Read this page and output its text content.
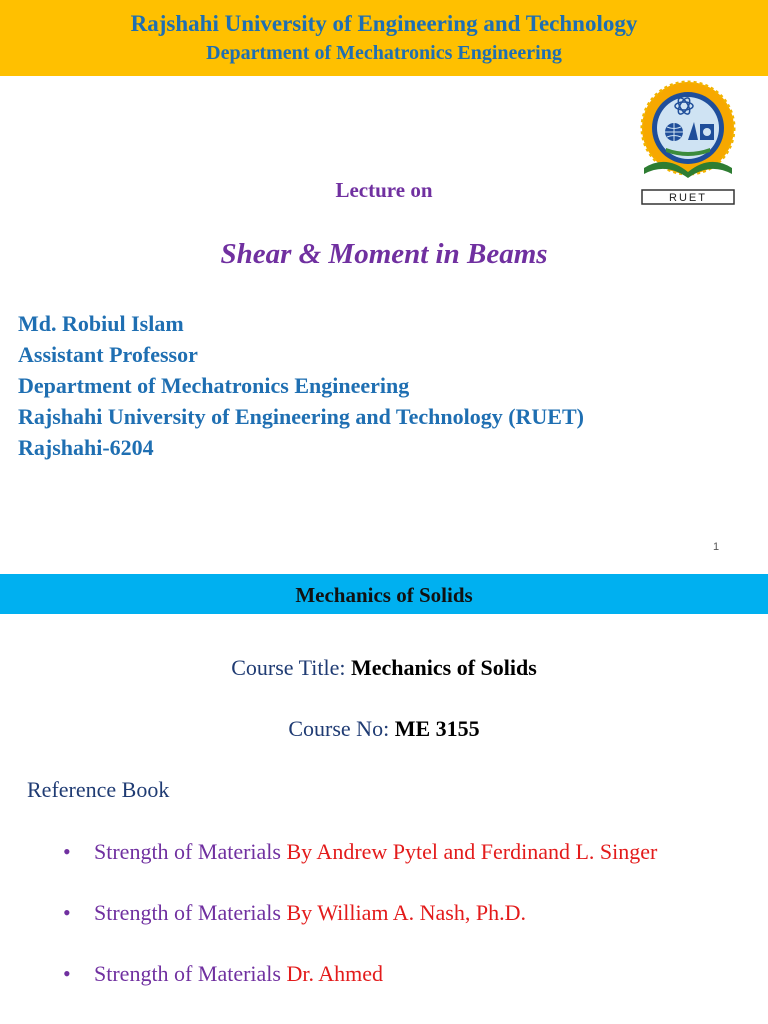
Rajshahi University of Engineering and Technology
Department of Mechatronics Engineering
RUET
Lecture on
Shear & Moment in Beams
Md. Robiul Islam
Assistant Professor
Department of Mechatronics Engineering
Rajshahi University of Engineering and Technology (RUET)
Rajshahi-6204
1
Mechanics of Solids
Course Title: Mechanics of Solids
Course No: ME 3155
Reference Book
• Strength of Materials By Andrew Pytel and Ferdinand L. Singer
• Strength of Materials By William A. Nash, Ph.D.
• Strength of Materials Dr. Ahmed
